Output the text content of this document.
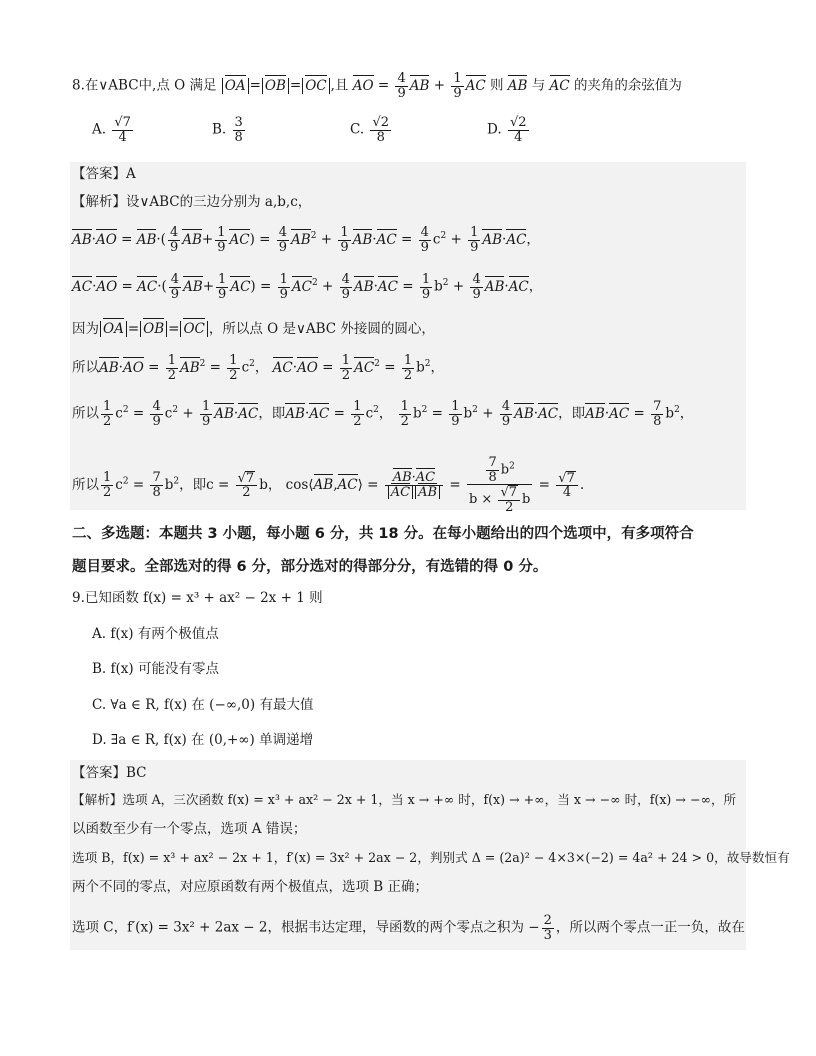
8.在∨ABC中,点 O 满足 OA = OB = OC ,且 AO = $\frac{4}{9}$ AB + $\frac{1}{9}$ AC 则 AB 与 AC 的夹角的余弦值为
A. $\frac{√7}{4}$	B. $\frac{3}{8}$	C. $\frac{√2}{8}$	D. $\frac{√2}{4}$
【答案】A
【解析】设∨ABC的三边分别为 a,b,c，
$AB\cdot AO = AB\cdot( \frac{4}{9} AB+ \frac{1}{9} AC) = \frac{4}{9} AB^2 + \frac{1}{9} AB\cdot AC = \frac{4}{9} c^2 + \frac{1}{9} AB\cdot AC$，
$AC\cdot AO = AC\cdot( \frac{4}{9} AB+ \frac{1}{9} AC) = \frac{1}{9} AC^2 + \frac{4}{9} AB\cdot AC = \frac{1}{9} b^2 + \frac{4}{9} AB\cdot AC$，
因为 OA = OB = OC ，所以点 O 是∨ABC 外接圆的圆心，
所以$AB\cdot AO = \frac{1}{2} AB^2 = \frac{1}{2} c^2$， $AC\cdot AO = \frac{1}{2} AC^2 = \frac{1}{2} b^2$，
所以 $\frac{1}{2} c^2 = \frac{4}{9} c^2 + \frac{1}{9} AB\cdot AC$，即$AB\cdot AC = \frac{1}{2} c^2$， $\frac{1}{2} b^2 = \frac{1}{9} b^2 + \frac{4}{9} AB\cdot AC$，即$AB\cdot AC = \frac{7}{8} b^2$，
所以 $\frac{1}{2} c^2 = \frac{7}{8} b^2$，即$c = \frac{√7}{2}$ b， cos⟨AB,AC⟩ = $\frac{AB\cdot AC}{\text{AC AB}} = \frac{\frac{7}{8} b^2}{b \times \frac{√7}{2} b} = \frac{√7}{4}$ .
二、多选题：本题共 3 小题，每小题 6 分，共 18 分。在每小题给出的四个选项中，有多项符合
题目要求。全部选对的得 6 分，部分选对的得部分分，有选错的得 0 分。
9.已知函数 f(x) = x³ + ax² − 2x + 1 则
A. f(x) 有两个极值点
B. f(x) 可能没有零点
C. ∀a ∈ R, f(x) 在 (−∞,0) 有最大值
D. ∃a ∈ R, f(x) 在 (0,+∞) 单调递增
【答案】BC
【解析】选项 A，三次函数 f(x) = x³ + ax² − 2x + 1，当 x → +∞ 时，f(x) → +∞，当 x → −∞ 时，f(x) → −∞，所
以函数至少有一个零点，选项 A 错误；
选项 B，f(x) = x³ + ax² − 2x + 1，f′(x) = 3x² + 2ax − 2，判别式 Δ = (2a)² − 4×3×(−2) = 4a² + 24 > 0，故导数恒有
两个不同的零点，对应原函数有两个极值点，选项 B 正确；
选项 C，f′(x) = 3x² + 2ax − 2，根据韦达定理，导函数的两个零点之积为 − $\frac{2}{3}$ ，所以两个零点一正一负，故在
